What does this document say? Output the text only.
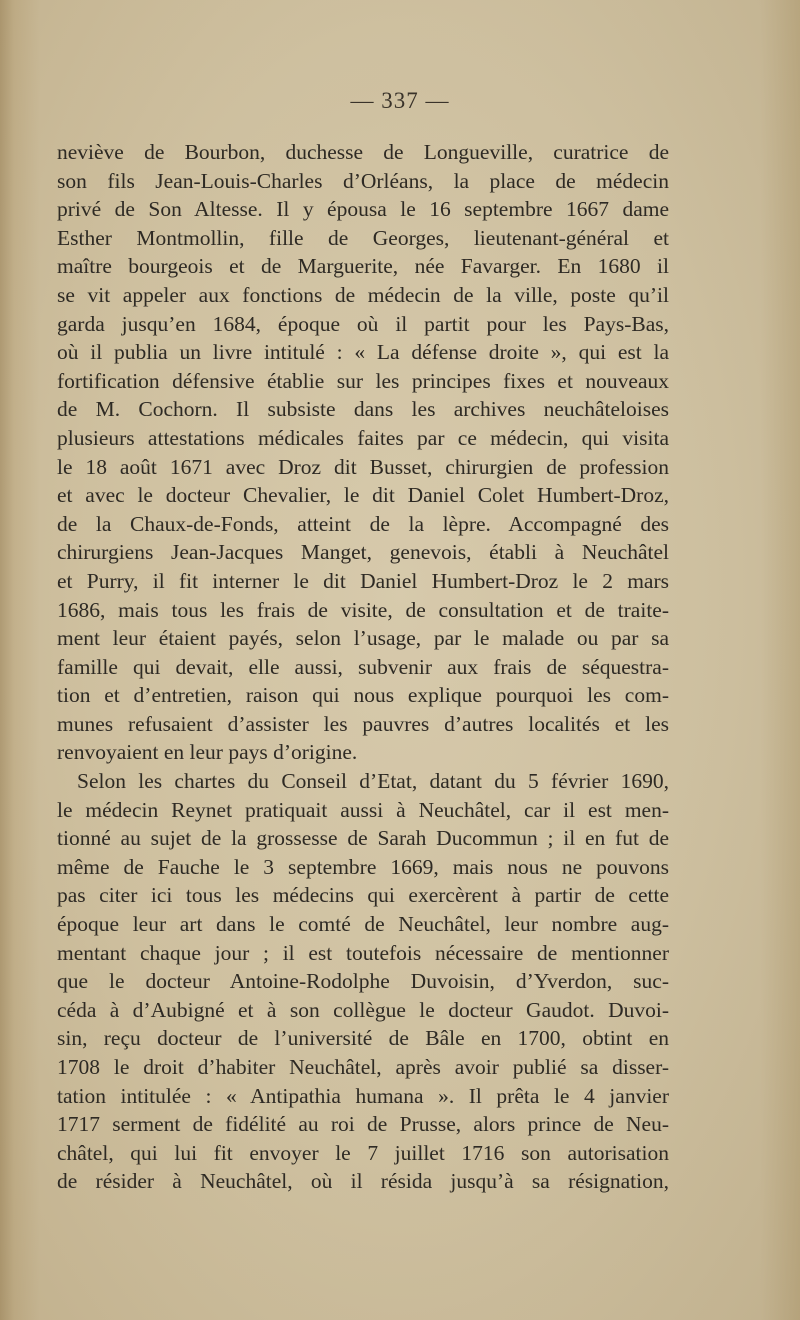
— 337 —
neviève de Bourbon, duchesse de Longueville, curatrice de
son fils Jean-Louis-Charles d’Orléans, la place de médecin
privé de Son Altesse. Il y épousa le 16 septembre 1667 dame
Esther Montmollin, fille de Georges, lieutenant-général et
maître bourgeois et de Marguerite, née Favarger. En 1680 il
se vit appeler aux fonctions de médecin de la ville, poste qu’il
garda jusqu’en 1684, époque où il partit pour les Pays-Bas,
où il publia un livre intitulé : « La défense droite », qui est la
fortification défensive établie sur les principes fixes et nouveaux
de M. Cochorn. Il subsiste dans les archives neuchâteloises
plusieurs attestations médicales faites par ce médecin, qui visita
le 18 août 1671 avec Droz dit Busset, chirurgien de profession
et avec le docteur Chevalier, le dit Daniel Colet Humbert-Droz,
de la Chaux-de-Fonds, atteint de la lèpre. Accompagné des
chirurgiens Jean-Jacques Manget, genevois, établi à Neuchâtel
et Purry, il fit interner le dit Daniel Humbert-Droz le 2 mars
1686, mais tous les frais de visite, de consultation et de traite-
ment leur étaient payés, selon l’usage, par le malade ou par sa
famille qui devait, elle aussi, subvenir aux frais de séquestra-
tion et d’entretien, raison qui nous explique pourquoi les com-
munes refusaient d’assister les pauvres d’autres localités et les
renvoyaient en leur pays d’origine.
Selon les chartes du Conseil d’Etat, datant du 5 février 1690,
le médecin Reynet pratiquait aussi à Neuchâtel, car il est men-
tionné au sujet de la grossesse de Sarah Ducommun ; il en fut de
même de Fauche le 3 septembre 1669, mais nous ne pouvons
pas citer ici tous les médecins qui exercèrent à partir de cette
époque leur art dans le comté de Neuchâtel, leur nombre aug-
mentant chaque jour ; il est toutefois nécessaire de mentionner
que le docteur Antoine-Rodolphe Duvoisin, d’Yverdon, suc-
céda à d’Aubigné et à son collègue le docteur Gaudot. Duvoi-
sin, reçu docteur de l’université de Bâle en 1700, obtint en
1708 le droit d’habiter Neuchâtel, après avoir publié sa disser-
tation intitulée : « Antipathia humana ». Il prêta le 4 janvier
1717 serment de fidélité au roi de Prusse, alors prince de Neu-
châtel, qui lui fit envoyer le 7 juillet 1716 son autorisation
de résider à Neuchâtel, où il résida jusqu’à sa résignation,
